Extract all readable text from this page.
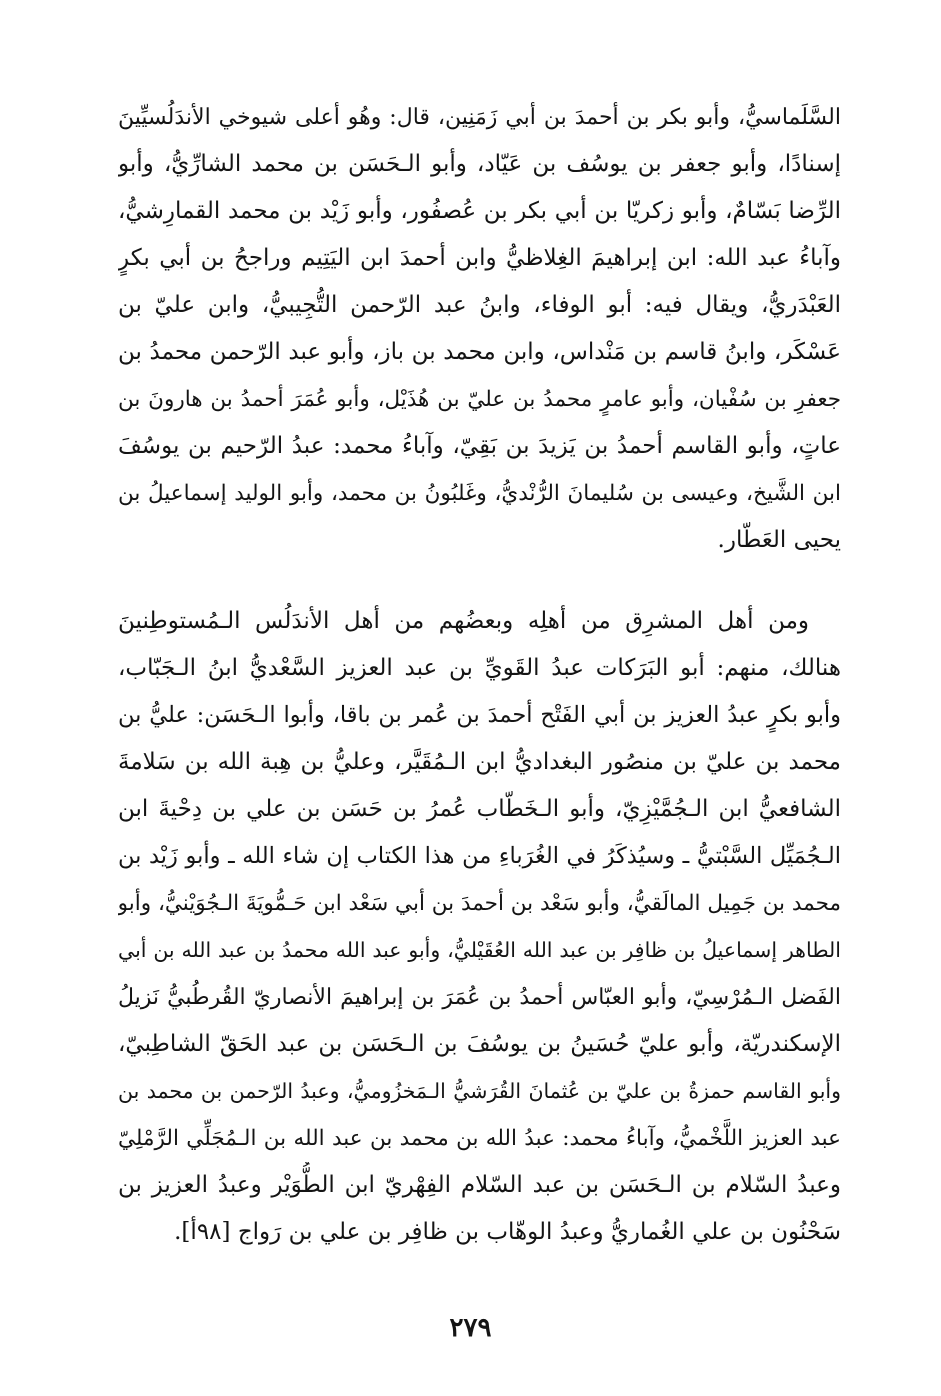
السَّلَماسيُّ، وأبو بكر بن أحمدَ بن أبي زَمَنِين، قال: وهُو أعلى شيوخي الأندَلُسيِّينَ
إسنادًا، وأبو جعفر بن يوسُف بن عَيّاد، وأبو الـحَسَن بن محمد الشارِّيُّ، وأبو
الرِّضا بَسّامٌ، وأبو زكريّا بن أبي بكر بن عُصفُور، وأبو زَيْد بن محمد القمارِشيُّ،
وآباءُ عبد الله: ابن إبراهيمَ الغِلاظيُّ وابن أحمدَ ابن اليَتِيم وراجحُ بن أبي بكرٍ
العَبْدَريُّ، ويقال فيه: أبو الوفاء، وابنُ عبد الرّحمن التُّجِيبيُّ، وابن عليّ بن
عَسْكَر، وابنُ قاسم بن مَنْداس، وابن محمد بن باز، وأبو عبد الرّحمن محمدُ بن
جعفرِ بن سُفْيان، وأبو عامرٍ محمدُ بن عليّ بن هُذَيْل، وأبو عُمَرَ أحمدُ بن هارونَ بن
عاتٍ، وأبو القاسم أحمدُ بن يَزيدَ بن بَقِيّ، وآباءُ محمد: عبدُ الرّحيم بن يوسُفَ
ابن الشَّيخ، وعيسى بن سُليمانَ الرُّنْديُّ، وغَلبُونُ بن محمد، وأبو الوليد إسماعيلُ بن
يحيى العَطّار.
ومن أهل المشرِق من أهلِه وبعضُهم من أهل الأندَلُس الـمُستوطِنينَ
هنالك، منهم: أبو البَرَكات عبدُ القَويِّ بن عبد العزيز السَّعْديُّ ابنُ الـجَبّاب،
وأبو بكرٍ عبدُ العزيز بن أبي الفَتْح أحمدَ بن عُمر بن باقا، وأبوا الـحَسَن: عليُّ بن
محمد بن عليّ بن منصُور البغداديُّ ابن الـمُقَيَّر، وعليُّ بن هِبة الله بن سَلامةَ
الشافعيُّ ابن الـجُمَّيْزِيّ، وأبو الـخَطّاب عُمرُ بن حَسَن بن علي بن دِحْيةَ ابن
الـجُمَيِّل السَّبْتيُّ ـ وسيُذكَرُ في الغُرَباءِ من هذا الكتاب إن شاء الله ـ وأبو زَيْد بن
محمد بن جَمِيل المالَقيُّ، وأبو سَعْد بن أحمدَ بن أبي سَعْد ابن حَـمُّويَةَ الـجُوَيْنيُّ، وأبو
الطاهر إسماعيلُ بن ظافِر بن عبد الله العُقَيْليُّ، وأبو عبد الله محمدُ بن عبد الله بن أبي
الفَضل الـمُرْسِيّ، وأبو العبّاس أحمدُ بن عُمَرَ بن إبراهيمَ الأنصاريّ القُرطُبيُّ نَزيلُ
الإسكندريّة، وأبو عليّ حُسَينُ بن يوسُفَ بن الـحَسَن بن عبد الحَقّ الشاطِبيّ،
وأبو القاسم حمزةُ بن عليّ بن عُثمانَ القُرَشيُّ الـمَخزُوميُّ، وعبدُ الرّحمن بن محمد بن
عبد العزيز اللَّخْميُّ، وآباءُ محمد: عبدُ الله بن محمد بن عبد الله بن الـمُجَلِّي الرَّمْلِيّ
وعبدُ السّلام بن الـحَسَن بن عبد السّلام الفِهْريّ ابن الطُّوَيْر وعبدُ العزيز بن
سَحْنُون بن علي الغُماريُّ وعبدُ الوهّاب بن ظافِر بن علي بن رَواج [٩٨أ].
٢٧٩
